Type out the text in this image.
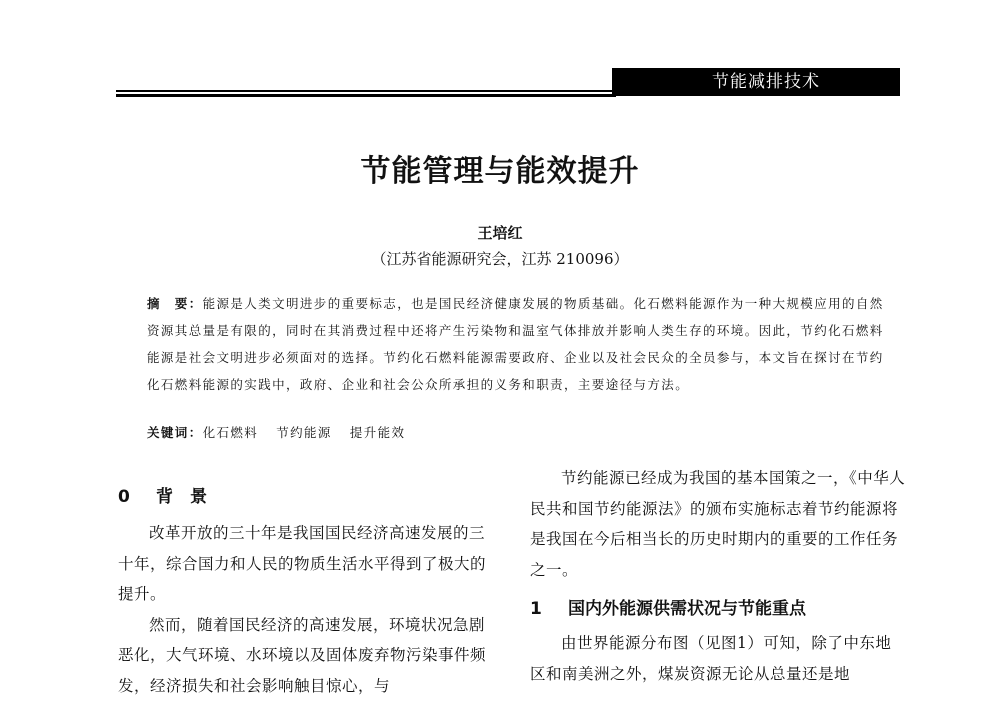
节能减排技术
节能管理与能效提升
王培红
（江苏省能源研究会，江苏 210096）
摘　要：能源是人类文明进步的重要标志，也是国民经济健康发展的物质基础。化石燃料能源作为一种大规模应用的自然资源其总量是有限的，同时在其消费过程中还将产生污染物和温室气体排放并影响人类生存的环境。因此，节约化石燃料能源是社会文明进步必须面对的选择。节约化石燃料能源需要政府、企业以及社会民众的全员参与，本文旨在探讨在节约化石燃料能源的实践中，政府、企业和社会公众所承担的义务和职责，主要途径与方法。
关键词：化石燃料 节约能源 提升能效
0 背　景

改革开放的三十年是我国国民经济高速发展的三十年，综合国力和人民的物质生活水平得到了极大的提升。

然而，随着国民经济的高速发展，环境状况急剧恶化，大气环境、水环境以及固体废弃物污染事件频发，经济损失和社会影响触目惊心，与

节约能源已经成为我国的基本国策之一，《中华人民共和国节约能源法》的颁布实施标志着节约能源将是我国在今后相当长的历史时期内的重要的工作任务之一。

1 国内外能源供需状况与节能重点

由世界能源分布图（见图1）可知，除了中东地区和南美洲之外，煤炭资源无论从总量还是地
